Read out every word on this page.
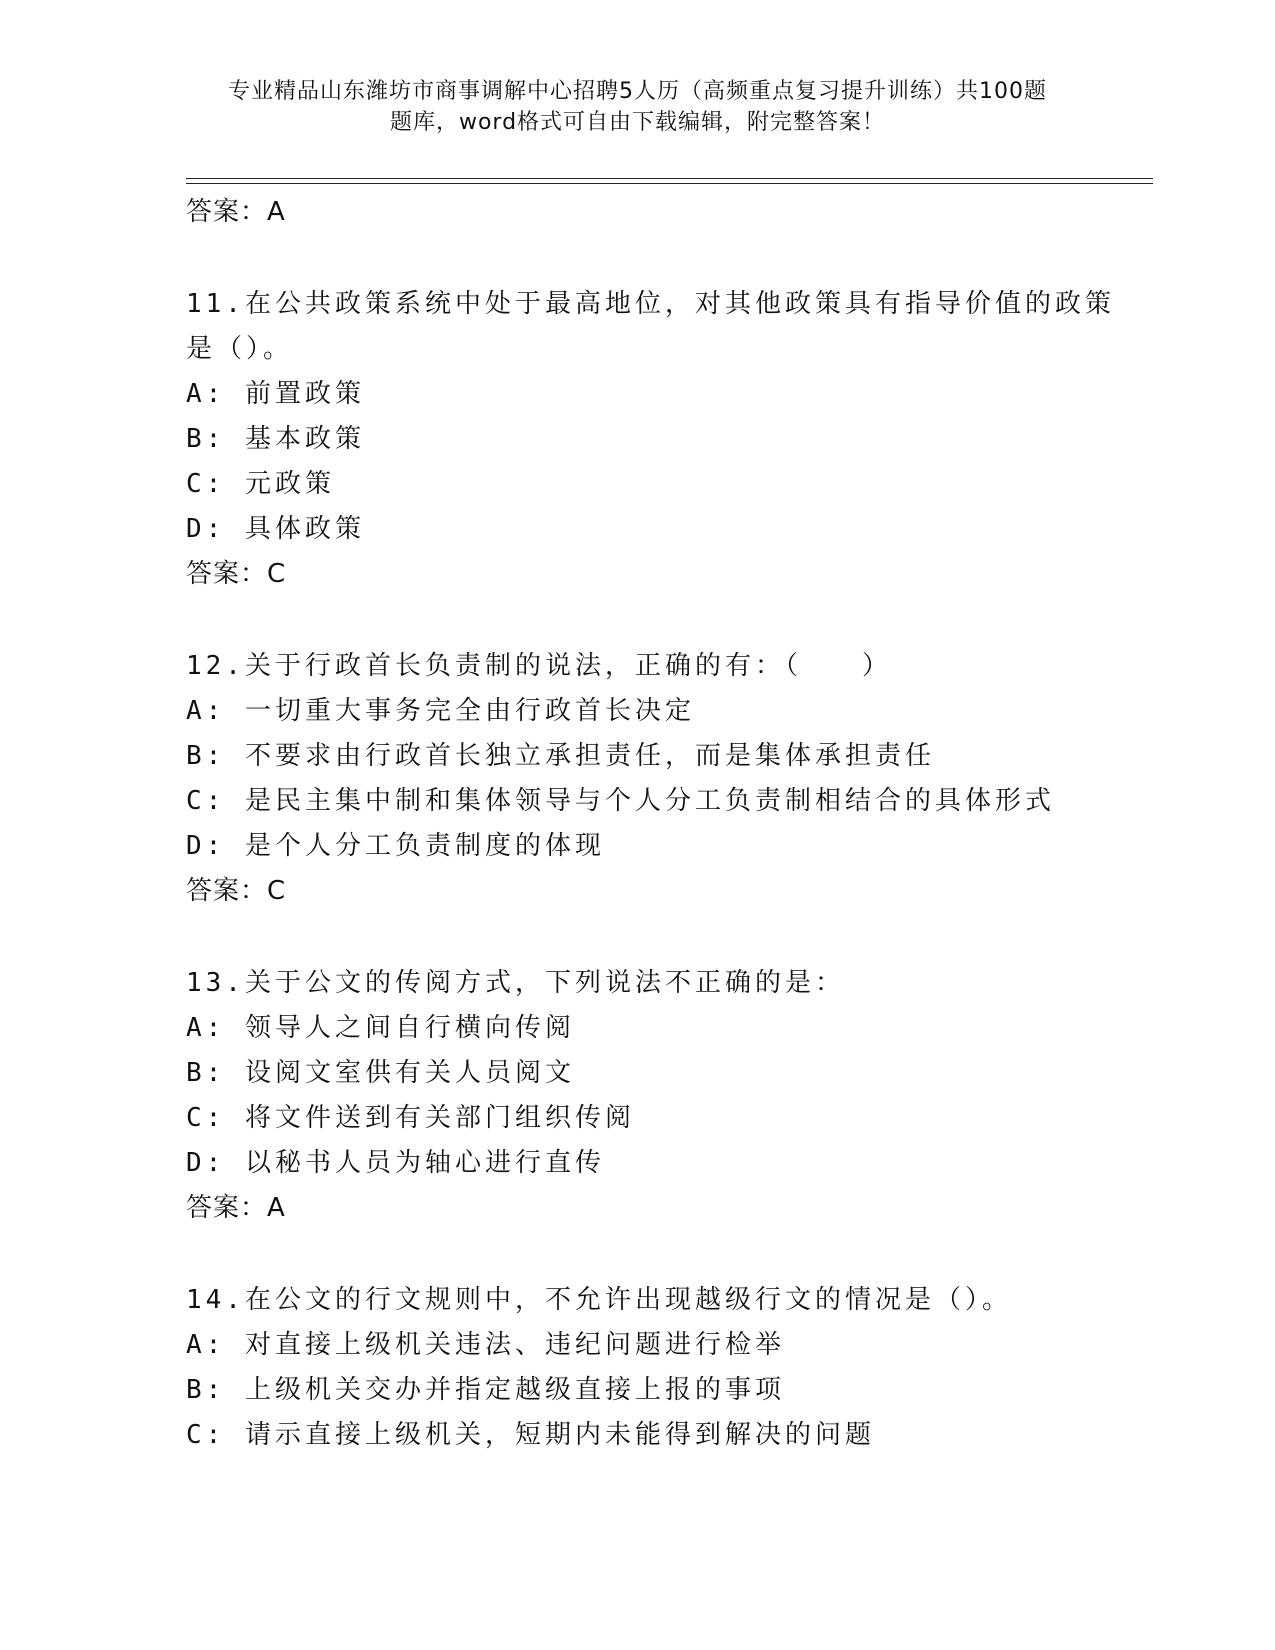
专业精品山东潍坊市商事调解中心招聘5人历（高频重点复习提升训练）共100题

题库，word格式可自由下载编辑，附完整答案！
答案：A
11.在公共政策系统中处于最高地位，对其他政策具有指导价值的政策
是（）。
A: 前置政策
B: 基本政策
C: 元政策
D: 具体政策
答案：C
12.关于行政首长负责制的说法，正确的有：（　　）
A: 一切重大事务完全由行政首长决定
B: 不要求由行政首长独立承担责任，而是集体承担责任
C: 是民主集中制和集体领导与个人分工负责制相结合的具体形式
D: 是个人分工负责制度的体现
答案：C
13.关于公文的传阅方式，下列说法不正确的是：
A: 领导人之间自行横向传阅
B: 设阅文室供有关人员阅文
C: 将文件送到有关部门组织传阅
D: 以秘书人员为轴心进行直传
答案：A
14.在公文的行文规则中，不允许出现越级行文的情况是（）。
A: 对直接上级机关违法、违纪问题进行检举
B: 上级机关交办并指定越级直接上报的事项
C: 请示直接上级机关，短期内未能得到解决的问题
